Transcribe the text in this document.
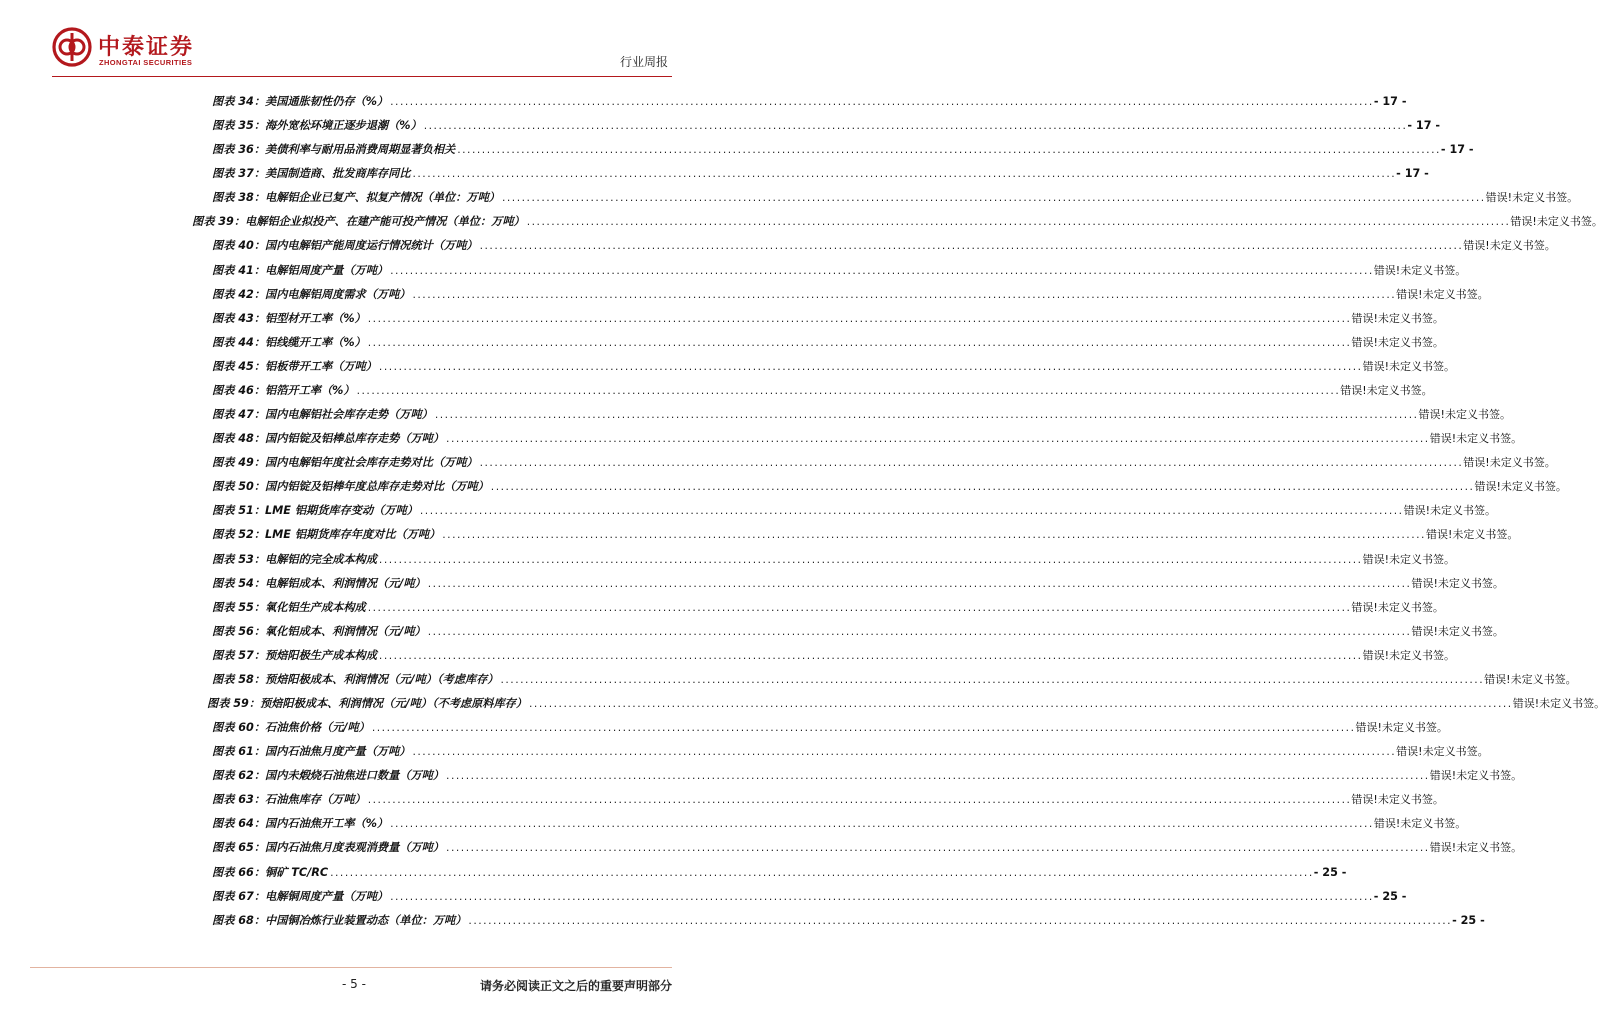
中泰证券
ZHONGTAI SECURITIES	行业周报
图表 34：美国通胀韧性仍存（%） ........................................................................................................................................................................................................ - 17 -
图表 35：海外宽松环境正逐步退潮（%） ........................................................................................................................................................................................................ - 17 -
图表 36：美债利率与耐用品消费周期显著负相关 ........................................................................................................................................................................................................ - 17 -
图表 37：美国制造商、批发商库存同比 ........................................................................................................................................................................................................ - 17 -
图表 38：电解铝企业已复产、拟复产情况（单位：万吨） ........................................................................................................................................................................................................ 错误!未定义书签。
图表 39：电解铝企业拟投产、在建产能可投产情况（单位：万吨） ........................................................................................................................................................................................................ 错误!未定义书签。
图表 40：国内电解铝产能周度运行情况统计（万吨） ........................................................................................................................................................................................................ 错误!未定义书签。
图表 41：电解铝周度产量（万吨） ........................................................................................................................................................................................................ 错误!未定义书签。
图表 42：国内电解铝周度需求（万吨） ........................................................................................................................................................................................................ 错误!未定义书签。
图表 43：铝型材开工率（%） ........................................................................................................................................................................................................ 错误!未定义书签。
图表 44：铝线缆开工率（%） ........................................................................................................................................................................................................ 错误!未定义书签。
图表 45：铝板带开工率（万吨） ........................................................................................................................................................................................................ 错误!未定义书签。
图表 46：铝箔开工率（%） ........................................................................................................................................................................................................ 错误!未定义书签。
图表 47：国内电解铝社会库存走势（万吨） ........................................................................................................................................................................................................ 错误!未定义书签。
图表 48：国内铝锭及铝棒总库存走势（万吨） ........................................................................................................................................................................................................ 错误!未定义书签。
图表 49：国内电解铝年度社会库存走势对比（万吨） ........................................................................................................................................................................................................ 错误!未定义书签。
图表 50：国内铝锭及铝棒年度总库存走势对比（万吨） ........................................................................................................................................................................................................ 错误!未定义书签。
图表 51：LME 铝期货库存变动（万吨） ........................................................................................................................................................................................................ 错误!未定义书签。
图表 52：LME 铝期货库存年度对比（万吨） ........................................................................................................................................................................................................ 错误!未定义书签。
图表 53：电解铝的完全成本构成 ........................................................................................................................................................................................................ 错误!未定义书签。
图表 54：电解铝成本、利润情况（元/吨） ........................................................................................................................................................................................................ 错误!未定义书签。
图表 55：氧化铝生产成本构成 ........................................................................................................................................................................................................ 错误!未定义书签。
图表 56：氧化铝成本、利润情况（元/吨） ........................................................................................................................................................................................................ 错误!未定义书签。
图表 57：预焙阳极生产成本构成 ........................................................................................................................................................................................................ 错误!未定义书签。
图表 58：预焙阳极成本、利润情况（元/吨）（考虑库存） ........................................................................................................................................................................................................ 错误!未定义书签。
图表 59：预焙阳极成本、利润情况（元/吨）（不考虑原料库存） ........................................................................................................................................................................................................ 错误!未定义书签。
图表 60：石油焦价格（元/吨） ........................................................................................................................................................................................................ 错误!未定义书签。
图表 61：国内石油焦月度产量（万吨） ........................................................................................................................................................................................................ 错误!未定义书签。
图表 62：国内未煅烧石油焦进口数量（万吨） ........................................................................................................................................................................................................ 错误!未定义书签。
图表 63：石油焦库存（万吨） ........................................................................................................................................................................................................ 错误!未定义书签。
图表 64：国内石油焦开工率（%） ........................................................................................................................................................................................................ 错误!未定义书签。
图表 65：国内石油焦月度表观消费量（万吨） ........................................................................................................................................................................................................ 错误!未定义书签。
图表 66：铜矿 TC/RC ........................................................................................................................................................................................................ - 25 -
图表 67：电解铜周度产量（万吨） ........................................................................................................................................................................................................ - 25 -
图表 68：中国铜冶炼行业装置动态（单位：万吨） ........................................................................................................................................................................................................ - 25 -
- 5 -	请务必阅读正文之后的重要声明部分
